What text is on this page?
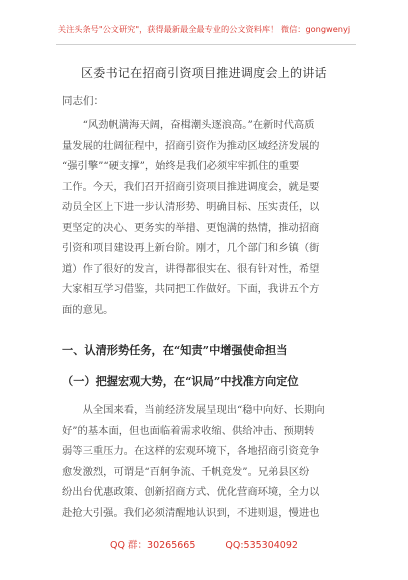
关注头条号"公文研究"，获得最新最全最专业的公文资料库！ 微信：gongwenyj
区委书记在招商引资项目推进调度会上的讲话
同志们：
　　“风劲帆满海天阔，奋楫潮头逐浪高。”在新时代高质
量发展的壮阔征程中，招商引资作为推动区域经济发展的
“强引擎”“硬支撑”，始终是我们必须牢牢抓住的重要
工作。今天，我们召开招商引资项目推进调度会，就是要
动员全区上下进一步认清形势、明确目标、压实责任，以
更坚定的决心、更务实的举措、更饱满的热情，推动招商
引资和项目建设再上新台阶。刚才，几个部门和乡镇（街
道）作了很好的发言，讲得都很实在、很有针对性，希望
大家相互学习借鉴，共同把工作做好。下面，我讲五个方
面的意见。
一、认清形势任务，在“知责”中增强使命担当
（一）把握宏观大势，在“识局”中找准方向定位
　　从全国来看，当前经济发展呈现出“稳中向好、长期向
好”的基本面，但也面临着需求收缩、供给冲击、预期转
弱等三重压力。在这样的宏观环境下，各地招商引资竞争
愈发激烈，可谓是“百舸争流、千帆竞发”。兄弟县区纷
纷出台优惠政策、创新招商方式、优化营商环境，全力以
赴抢大引强。我们必须清醒地认识到，不进则退，慢进也
QQ 群：30265665	QQ:535304092
